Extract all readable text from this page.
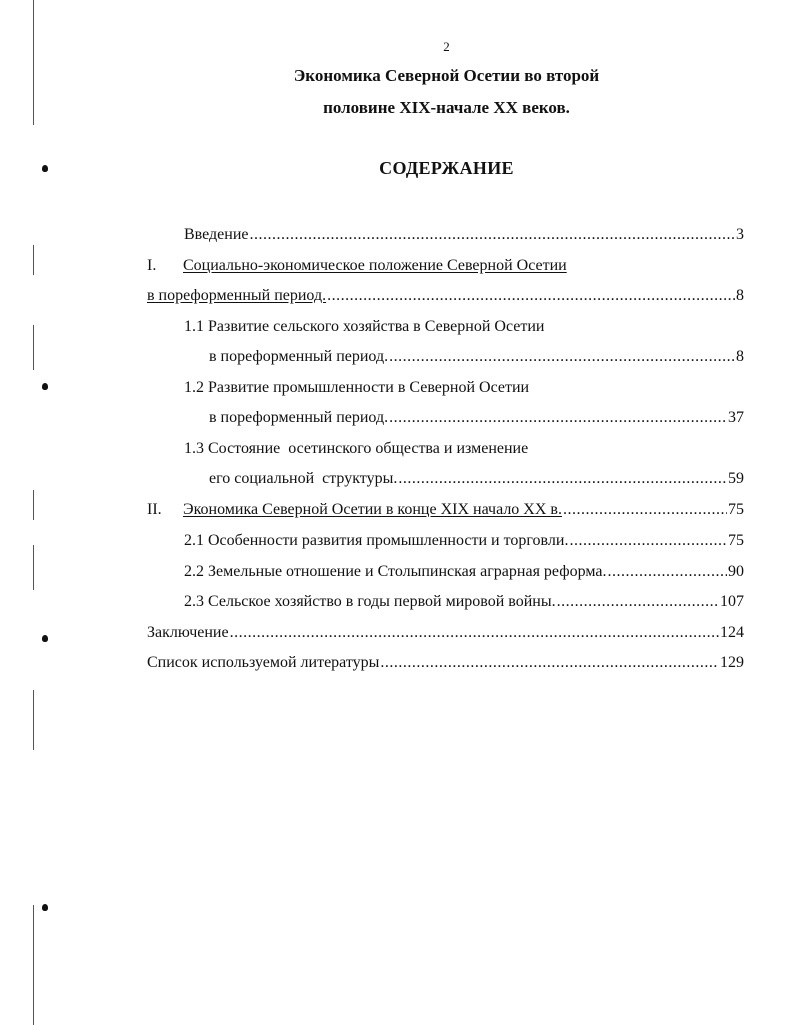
2
Экономика Северной Осетии во второй
половине XIX-начале XX веков.
СОДЕРЖАНИЕ
Введение .....	3
I. Социально-экономическое положение Северной Осетии
в пореформенный период. .....	8
1.1 Развитие сельского хозяйства в Северной Осетии
в пореформенный период. .....	8
1.2 Развитие промышленности в Северной Осетии
в пореформенный период. .....	37
1.3 Состояние  осетинского общества и изменение
его социальной  структуры. .....	59
II. Экономика Северной Осетии в конце XIX начало XX в. .....	75
2.1 Особенности развития промышленности и торговли. .....	75
2.2 Земельные отношение и Столыпинская аграрная реформа. .....	90
2.3 Сельское хозяйство в годы первой мировой войны. .....	107
Заключение .....	124
Список используемой литературы .....	129
